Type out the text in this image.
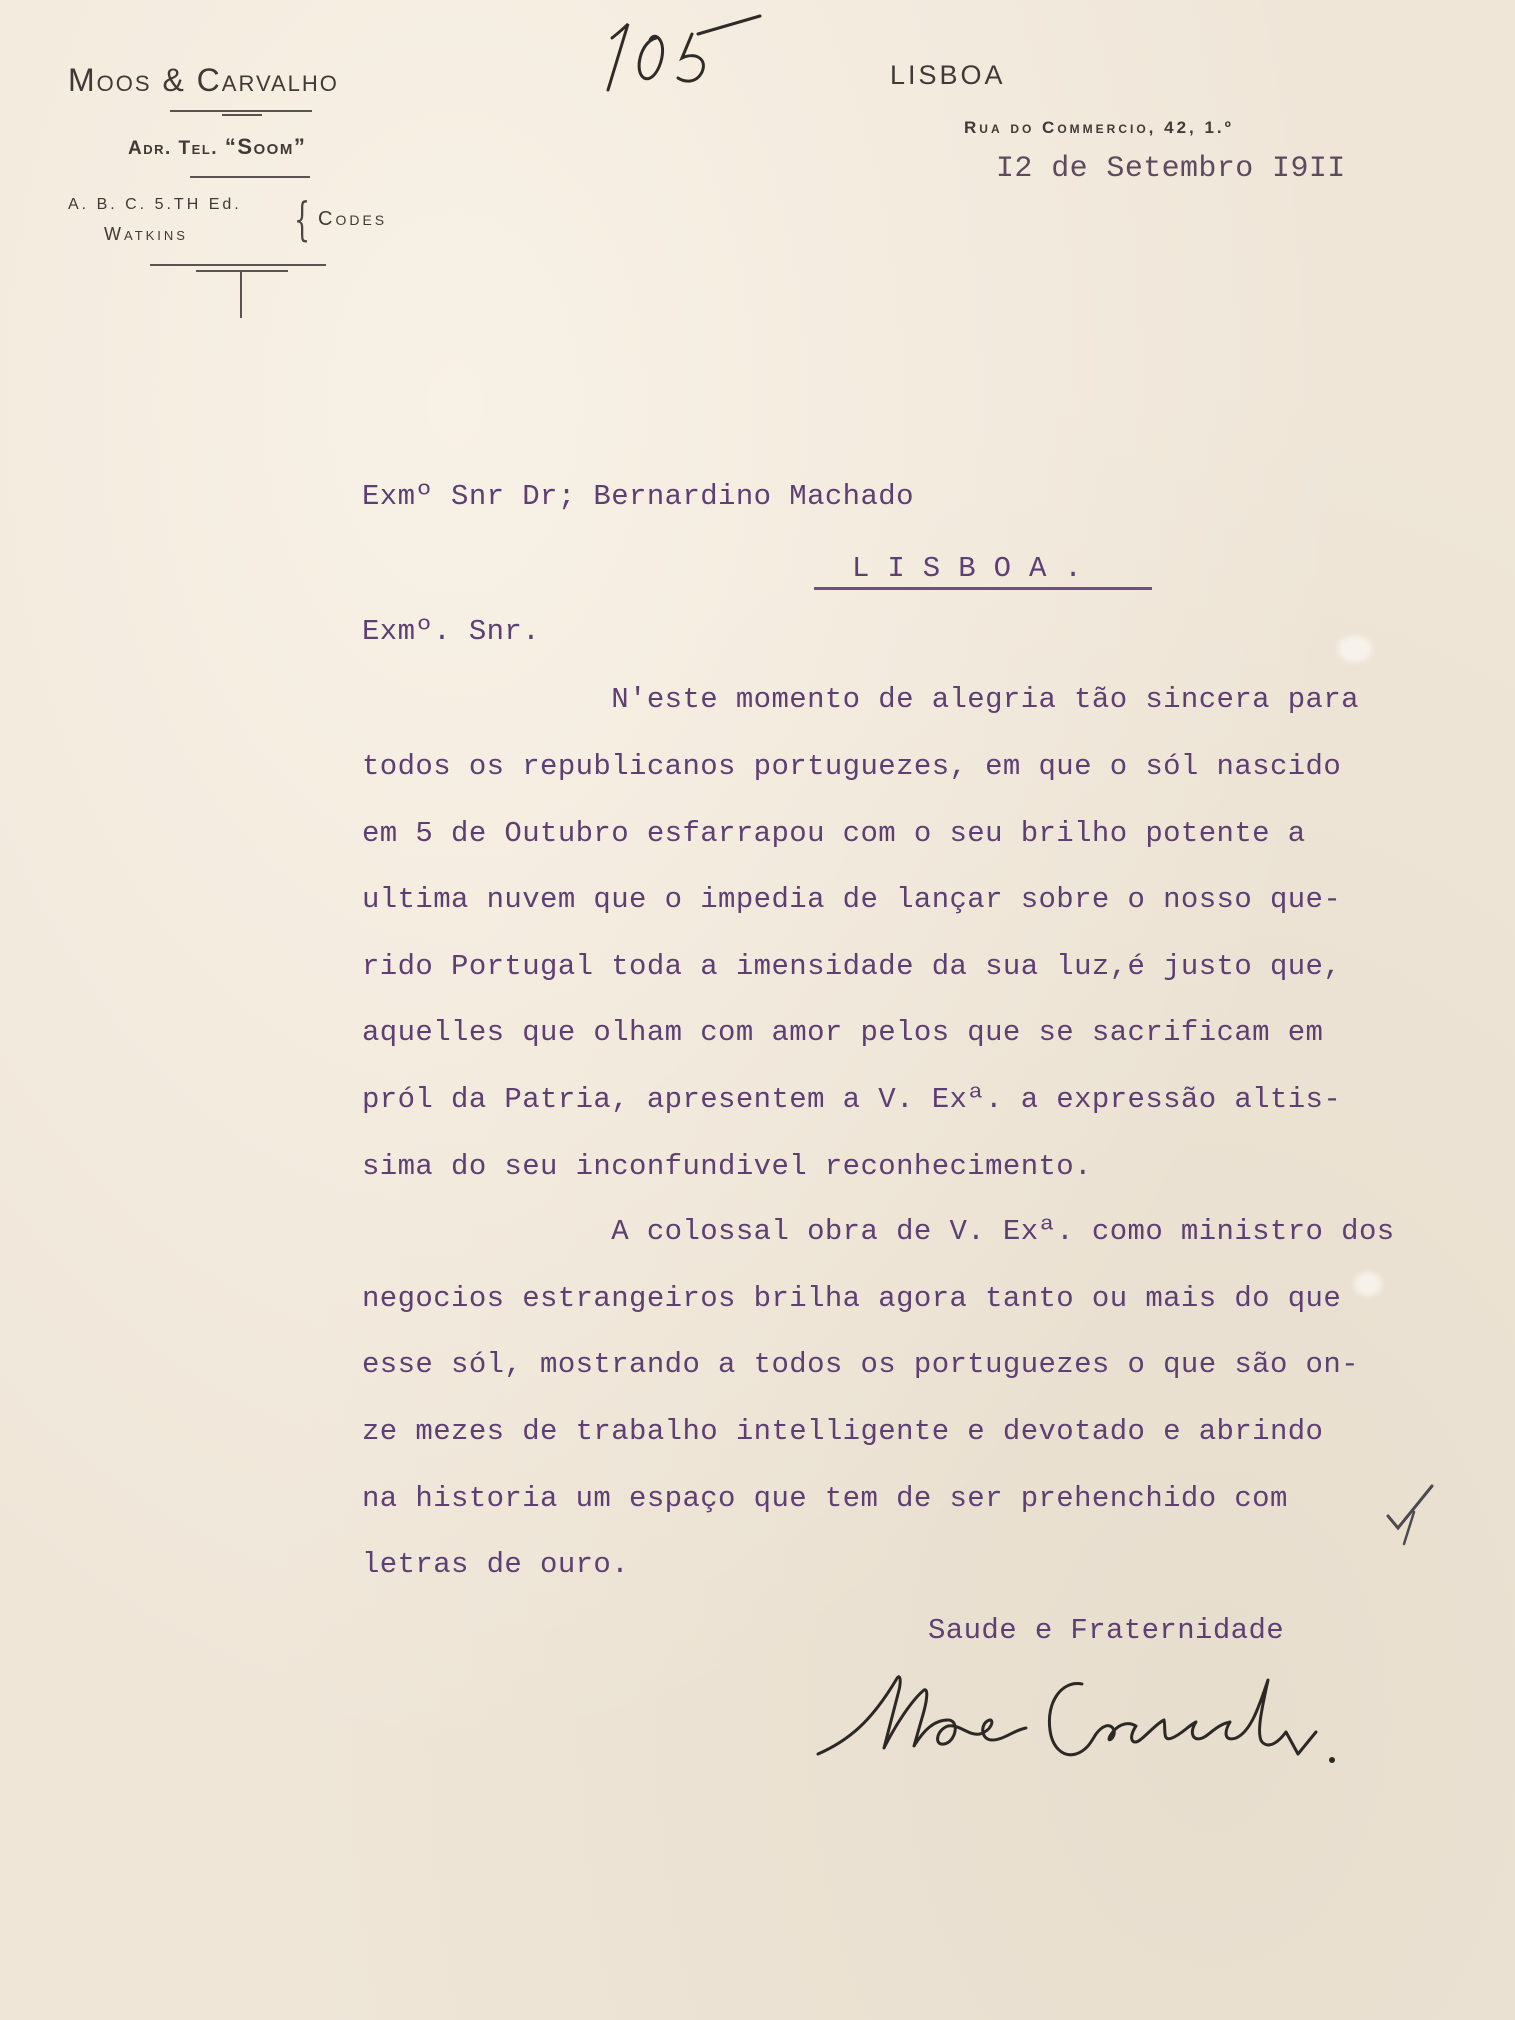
Moos & Carvalho
Adr. Tel. “Soom”
A. B. C. 5.TH Ed.
Watkins { Codes
LISBOA
Rua do Commercio, 42, 1.º
I2 de Setembro I9II
Exmº Snr Dr; Bernardino Machado
LISBOA.
Exmº. Snr.
N'este momento de alegria tão sincera para
todos os republicanos portuguezes, em que o sól nascido
em 5 de Outubro esfarrapou com o seu brilho potente a
ultima nuvem que o impedia de lançar sobre o nosso que-
rido Portugal toda a imensidade da sua luz,é justo que,
aquelles que olham com amor pelos que se sacrificam em
pról da Patria, apresentem a V. Exª. a expressão altis-
sima do seu inconfundivel reconhecimento.
A colossal obra de V. Exª. como ministro dos
negocios estrangeiros brilha agora tanto ou mais do que
esse sól, mostrando a todos os portuguezes o que são on-
ze mezes de trabalho intelligente e devotado e abrindo
na historia um espaço que tem de ser prehenchido com
letras de ouro.
Saude e Fraternidade
